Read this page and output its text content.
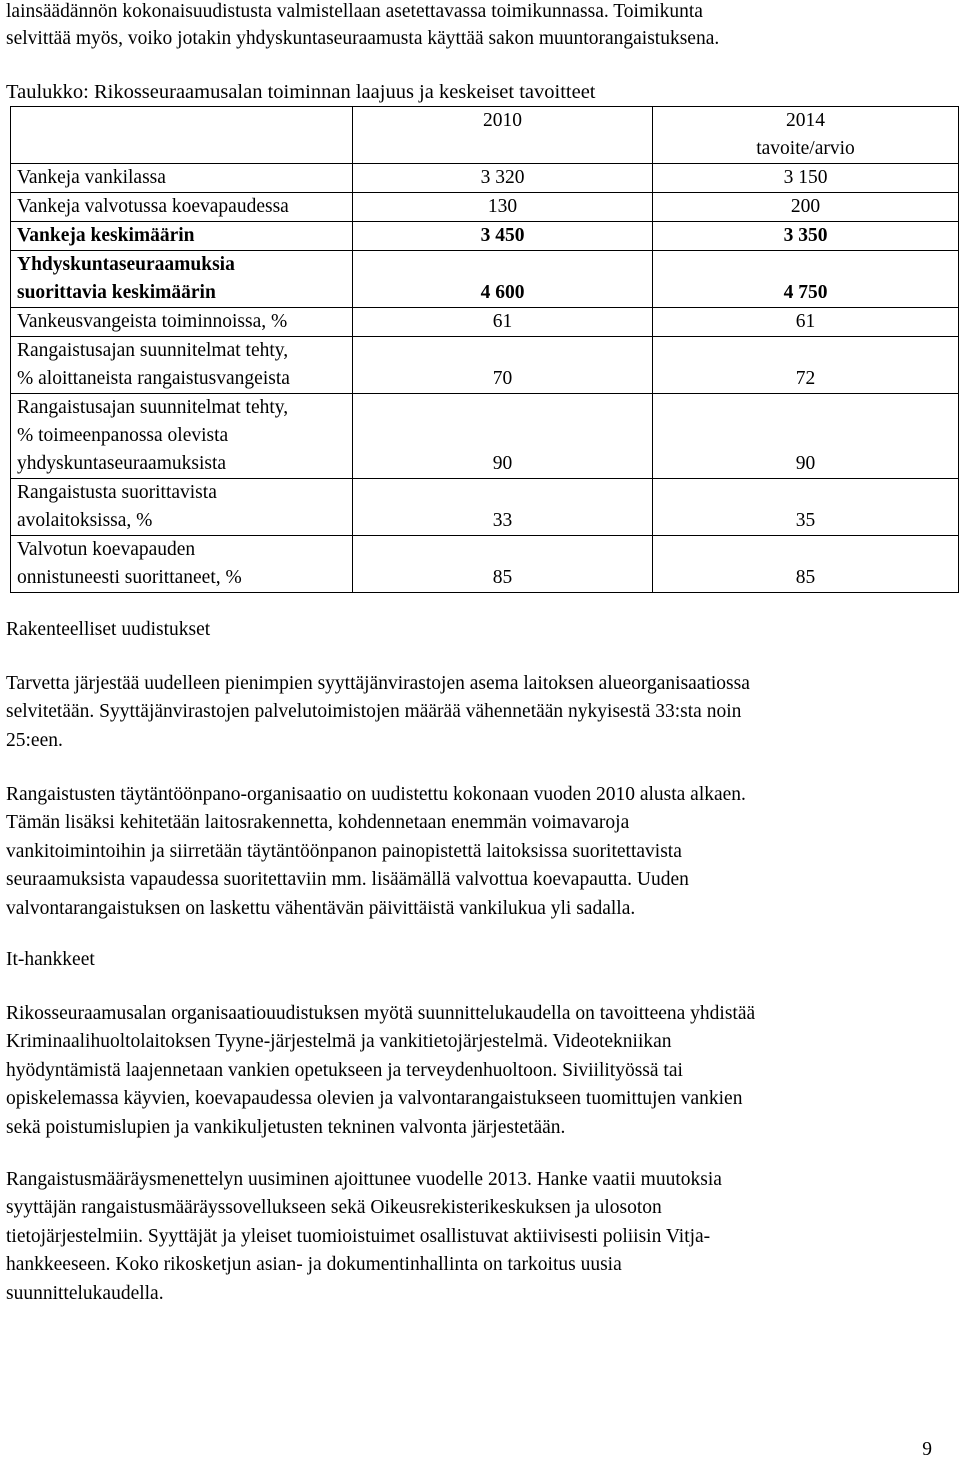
lainsäädännön kokonaisuudistusta valmistellaan asetettavassa toimikunnassa. Toimikunta
selvittää myös, voiko jotakin yhdyskuntaseuraamusta käyttää sakon muuntorangaistuksena.
Taulukko: Rikosseuraamusalan toiminnan laajuus ja keskeiset tavoitteet

	2010	2014
tavoite/arvio

Vankeja vankilassa	3 320	3 150

Vankeja valvotussa koevapaudessa	130	200

Vankeja keskimäärin	3 450	3 350

Yhdyskuntaseuraamuksia
suorittavia keskimäärin	4 600	4 750

Vankeusvangeista toiminnoissa, %	61	61

Rangaistusajan suunnitelmat tehty,
% aloittaneista rangaistusvangeista	70	72

Rangaistusajan suunnitelmat tehty,
% toimeenpanossa olevista
yhdyskuntaseuraamuksista	90	90

Rangaistusta suorittavista
avolaitoksissa, %	33	35

Valvotun koevapauden
onnistuneesti suorittaneet, %	85	85
Rakenteelliset uudistukset
Tarvetta järjestää uudelleen pienimpien syyttäjänvirastojen asema laitoksen alueorganisaatiossa
selvitetään. Syyttäjänvirastojen palvelutoimistojen määrää vähennetään nykyisestä 33:sta noin
25:een.
Rangaistusten täytäntöönpano-organisaatio on uudistettu kokonaan vuoden 2010 alusta alkaen.
Tämän lisäksi kehitetään laitosrakennetta, kohdennetaan enemmän voimavaroja
vankitoimintoihin ja siirretään täytäntöönpanon painopistettä laitoksissa suoritettavista
seuraamuksista vapaudessa suoritettaviin mm. lisäämällä valvottua koevapautta. Uuden
valvontarangaistuksen on laskettu vähentävän päivittäistä vankilukua yli sadalla.
It-hankkeet
Rikosseuraamusalan organisaatiouudistuksen myötä suunnittelukaudella on tavoitteena yhdistää
Kriminaalihuoltolaitoksen Tyyne-järjestelmä ja vankitietojärjestelmä. Videotekniikan
hyödyntämistä laajennetaan vankien opetukseen ja terveydenhuoltoon. Siviilityössä tai
opiskelemassa käyvien, koevapaudessa olevien ja valvontarangaistukseen tuomittujen vankien
sekä poistumislupien ja vankikuljetusten tekninen valvonta järjestetään.
Rangaistusmääräysmenettelyn uusiminen ajoittunee vuodelle 2013. Hanke vaatii muutoksia
syyttäjän rangaistusmääräyssovellukseen sekä Oikeusrekisterikeskuksen ja ulosoton
tietojärjestelmiin. Syyttäjät ja yleiset tuomioistuimet osallistuvat aktiivisesti poliisin Vitja-
hankkeeseen. Koko rikosketjun asian- ja dokumentinhallinta on tarkoitus uusia
suunnittelukaudella.
9
